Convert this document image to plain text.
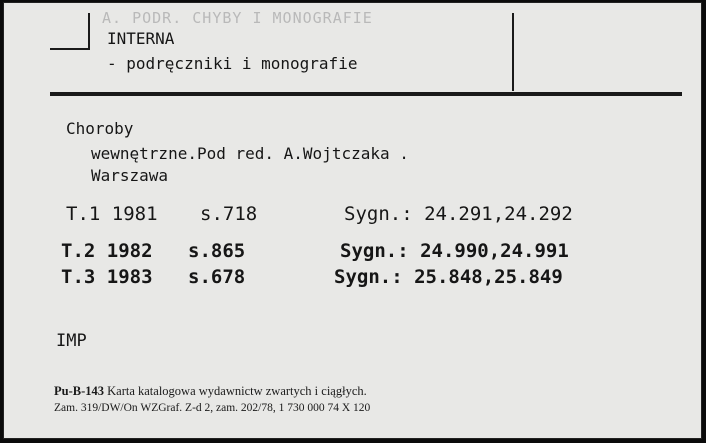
A. PODR. CHYBY I MONOGRAFIE
INTERNA
- podręczniki i monografie
Choroby
wewnętrzne.Pod red. A.Wojtczaka .
Warszawa
T.1 1981 s.718	Sygn.: 24.291,24.292
T.2 1982 s.865	Sygn.: 24.990,24.991
T.3 1983 s.678	Sygn.: 25.848,25.849
IMP
Pu-B-143 Karta katalogowa wydawnictw zwartych i ciągłych.
Zam. 319/DW/On WZGraf. Z-d 2, zam. 202/78, 1 730 000 74 X 120
